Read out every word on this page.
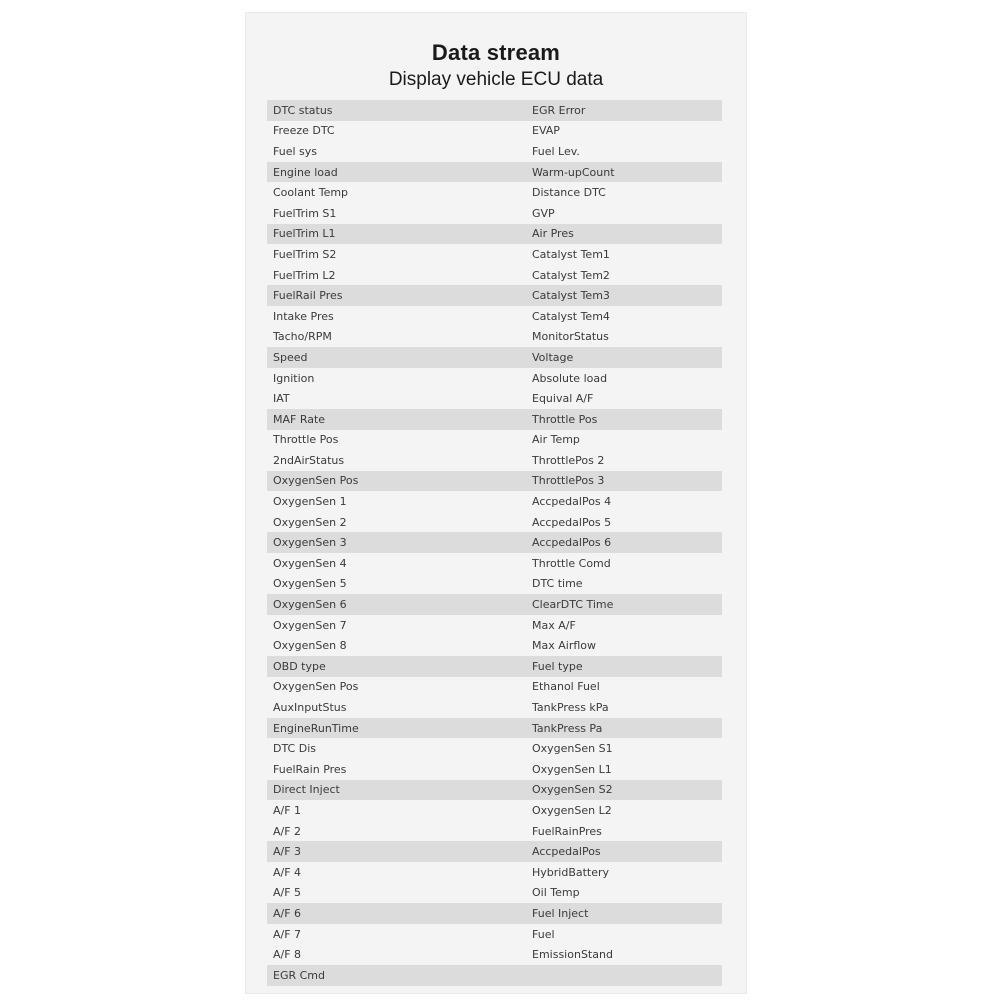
Data stream
Display vehicle ECU data
DTC status	EGR Error
Freeze DTC	EVAP
Fuel sys	Fuel Lev.
Engine load	Warm-upCount
Coolant Temp	Distance DTC
FuelTrim S1	GVP
FuelTrim L1	Air Pres
FuelTrim S2	Catalyst Tem1
FuelTrim L2	Catalyst Tem2
FuelRail Pres	Catalyst Tem3
Intake Pres	Catalyst Tem4
Tacho/RPM	MonitorStatus
Speed	Voltage
Ignition	Absolute load
IAT	Equival A/F
MAF Rate	Throttle Pos
Throttle Pos	Air Temp
2ndAirStatus	ThrottlePos 2
OxygenSen Pos	ThrottlePos 3
OxygenSen 1	AccpedalPos 4
OxygenSen 2	AccpedalPos 5
OxygenSen 3	AccpedalPos 6
OxygenSen 4	Throttle Comd
OxygenSen 5	DTC time
OxygenSen 6	ClearDTC Time
OxygenSen 7	Max A/F
OxygenSen 8	Max Airflow
OBD type	Fuel type
OxygenSen Pos	Ethanol Fuel
AuxInputStus	TankPress kPa
EngineRunTime	TankPress Pa
DTC Dis	OxygenSen S1
FuelRain Pres	OxygenSen L1
Direct Inject	OxygenSen S2
A/F 1	OxygenSen L2
A/F 2	FuelRainPres
A/F 3	AccpedalPos
A/F 4	HybridBattery
A/F 5	Oil Temp
A/F 6	Fuel Inject
A/F 7	Fuel
A/F 8	EmissionStand
EGR Cmd
